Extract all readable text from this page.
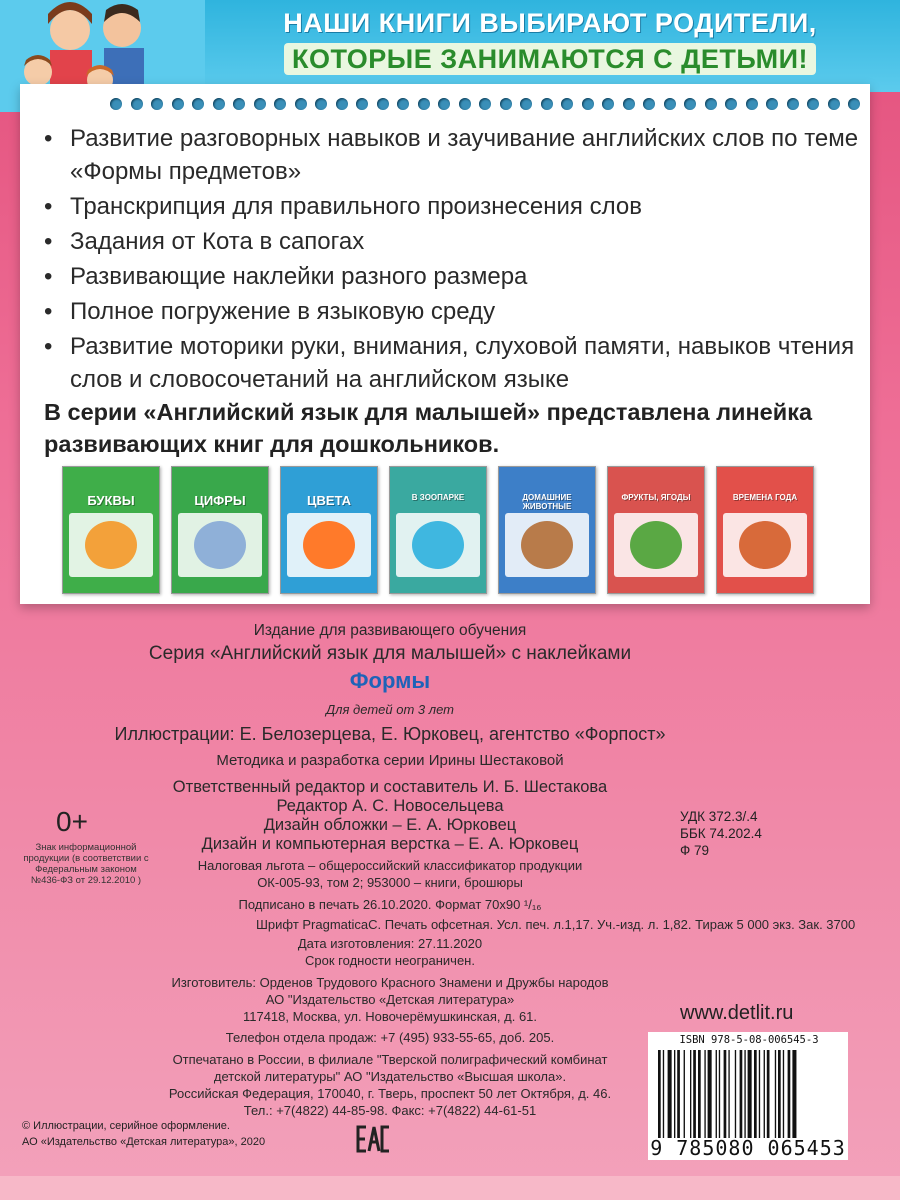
НАШИ КНИГИ ВЫБИРАЮТ РОДИТЕЛИ,
КОТОРЫЕ ЗАНИМАЮТСЯ С ДЕТЬМИ!
• Развитие разговорных навыков и заучивание английских слов по теме «Формы предметов»
• Транскрипция для правильного произнесения слов
• Задания от Кота в сапогах
• Развивающие наклейки разного размера
• Полное погружение в языковую среду
• Развитие моторики руки, внимания, слуховой памяти, навыков чтения слов и словосочетаний на английском языке
В серии «Английский язык для малышей» представлена линейка развивающих книг для дошкольников.
БУКВЫ	ЦИФРЫ	ЦВЕТА	В ЗООПАРКЕ	ДОМАШНИЕ ЖИВОТНЫЕ
ФРУКТЫ, ЯГОДЫ	ВРЕМЕНА ГОДА
Издание для развивающего обучения
Серия «Английский язык для малышей» с наклейками
Формы
Для детей от 3 лет
Иллюстрации: Е. Белозерцева, Е. Юрковец, агентство «Форпост»
Методика и разработка серии Ирины Шестаковой
Ответственный редактор и составитель И. Б. Шестакова
Редактор А. С. Новосельцева
Дизайн обложки – Е. А. Юрковец
Дизайн и компьютерная верстка – Е. А. Юрковец
Налоговая льгота – общероссийский классификатор продукции
ОК-005-93, том 2; 953000 – книги, брошюры
Подписано в печать 26.10.2020. Формат 70x90 ¹/₁₆
Шрифт PragmaticaC. Печать офсетная. Усл. печ. л.1,17. Уч.-изд. л. 1,82. Тираж 5 000 экз. Зак. 3700
Дата изготовления: 27.11.2020
Срок годности неограничен.
Изготовитель: Орденов Трудового Красного Знамени и Дружбы народов
АО "Издательство «Детская литература»
117418, Москва, ул. Новочерёмушкинская, д. 61.
Телефон отдела продаж: +7 (495) 933-55-65, доб. 205.
Отпечатано в России, в филиале "Тверской полиграфический комбинат
детской литературы" АО "Издательство «Высшая школа».
Российская Федерация, 170040, г. Тверь, проспект 50 лет Октября, д. 46.
Тел.: +7(4822) 44-85-98. Факс: +7(4822) 44-61-51
0+
Знак информационной продукции (в соответствии с Федеральным законом №436-ФЗ от 29.12.2010 )
УДК 372.3/.4
ББК 74.202.4
Ф 79
www.detlit.ru
ISBN 978-5-08-006545-3
9 785080 065453
© Иллюстрации, серийное оформление.
АО «Издательство «Детская литература», 2020
